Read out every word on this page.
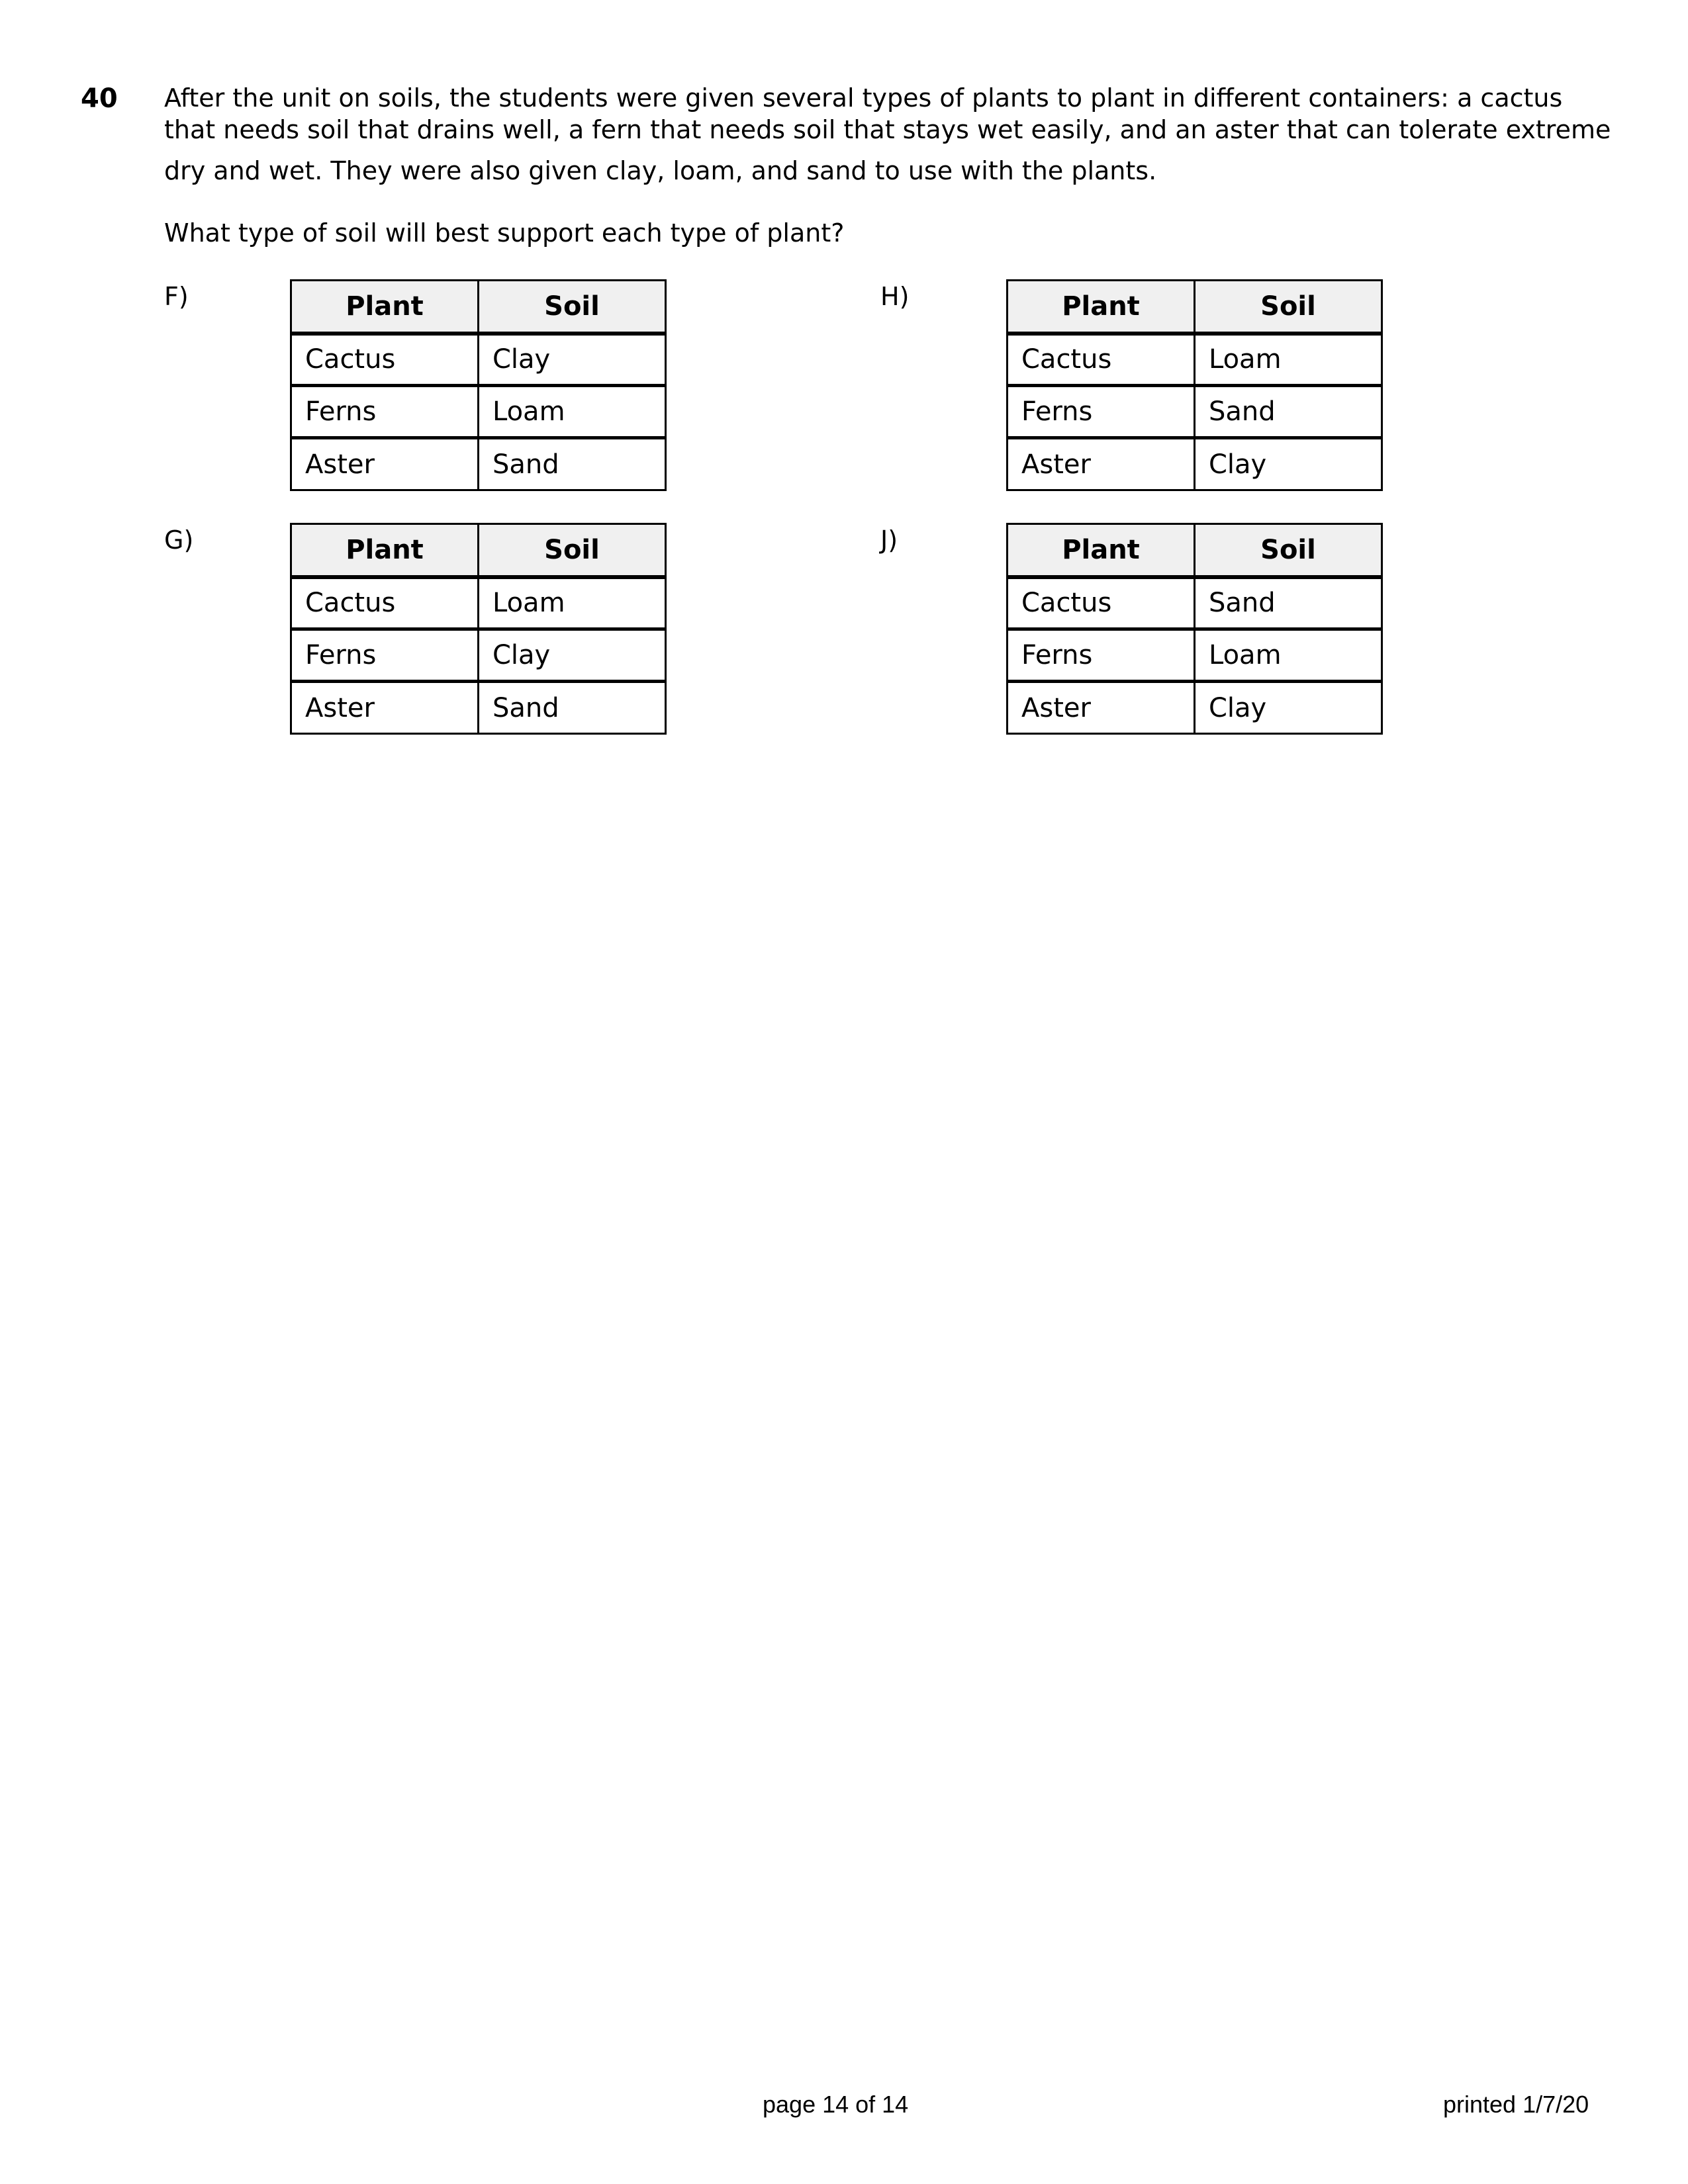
40 After the unit on soils, the students were given several types of plants to plant in different containers: a cactus

that needs soil that drains well, a fern that needs soil that stays wet easily, and an aster that can tolerate extreme

dry and wet. They were also given clay, loam, and sand to use with the plants.

What type of soil will best support each type of plant?
F)	Plant	Soil
Cactus	Clay
Ferns	Loam
Aster	Sand
H)	Plant	Soil
Cactus	Loam
Ferns	Sand
Aster	Clay
G)	Plant	Soil
Cactus	Loam
Ferns	Clay
Aster	Sand
J)	Plant	Soil
Cactus	Sand
Ferns	Loam
Aster	Clay
page 14 of 14	printed 1/7/20
